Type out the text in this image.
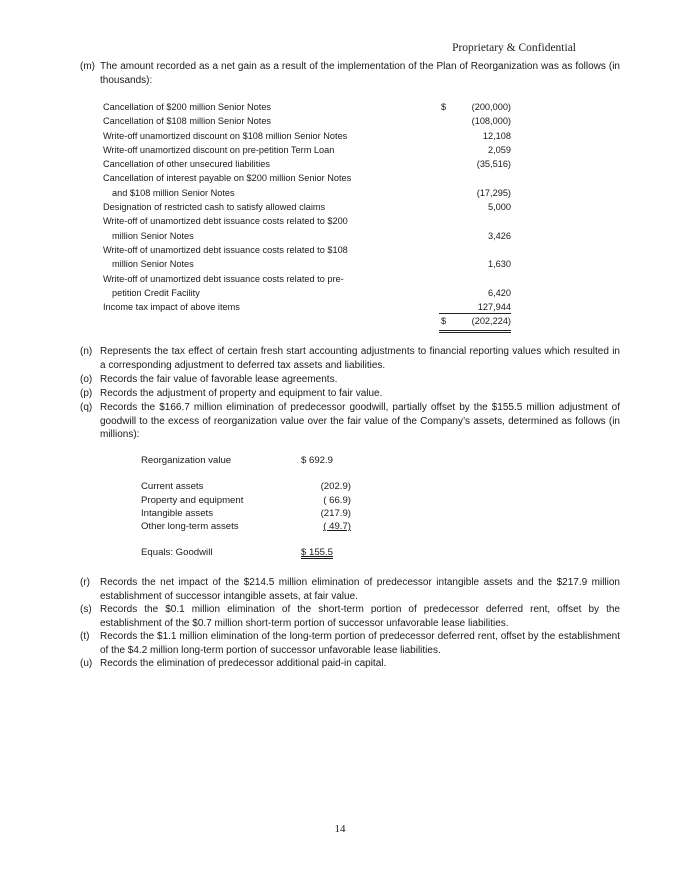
Proprietary & Confidential
(m) The amount recorded as a net gain as a result of the implementation of the Plan of Reorganization was as follows (in thousands):
Cancellation of $200 million Senior Notes	$	(200,000)
Cancellation of $108 million Senior Notes	(108,000)
Write-off unamortized discount on $108 million Senior Notes	12,108
Write-off unamortized discount on pre-petition Term Loan	2,059
Cancellation of other unsecured liabilities	(35,516)
Cancellation of interest payable on $200 million Senior Notes
and $108 million Senior Notes	(17,295)
Designation of restricted cash to satisfy allowed claims	5,000
Write-off of unamortized debt issuance costs related to $200
million Senior Notes	3,426
Write-off of unamortized debt issuance costs related to $108
million Senior Notes	1,630
Write-off of unamortized debt issuance costs related to pre-
petition Credit Facility	6,420
Income tax impact of above items	127,944
$	(202,224)
(n) Represents the tax effect of certain fresh start accounting adjustments to financial reporting values which resulted in a corresponding adjustment to deferred tax assets and liabilities.
(o) Records the fair value of favorable lease agreements.
(p) Records the adjustment of property and equipment to fair value.
(q) Records the $166.7 million elimination of predecessor goodwill, partially offset by the $155.5 million adjustment of goodwill to the excess of reorganization value over the fair value of the Company’s assets, determined as follows (in millions):
Reorganization value	$ 692.9
Current assets	(202.9)
Property and equipment	( 66.9)
Intangible assets	(217.9)
Other long-term assets	( 49.7)
Equals: Goodwill	$ 155.5
(r) Records the net impact of the $214.5 million elimination of predecessor intangible assets and the $217.9 million establishment of successor intangible assets, at fair value.
(s) Records the $0.1 million elimination of the short-term portion of predecessor deferred rent, offset by the establishment of the $0.7 million short-term portion of successor unfavorable lease liabilities.
(t) Records the $1.1 million elimination of the long-term portion of predecessor deferred rent, offset by the establishment of the $4.2 million long-term portion of successor unfavorable lease liabilities.
(u) Records the elimination of predecessor additional paid-in capital.
14
